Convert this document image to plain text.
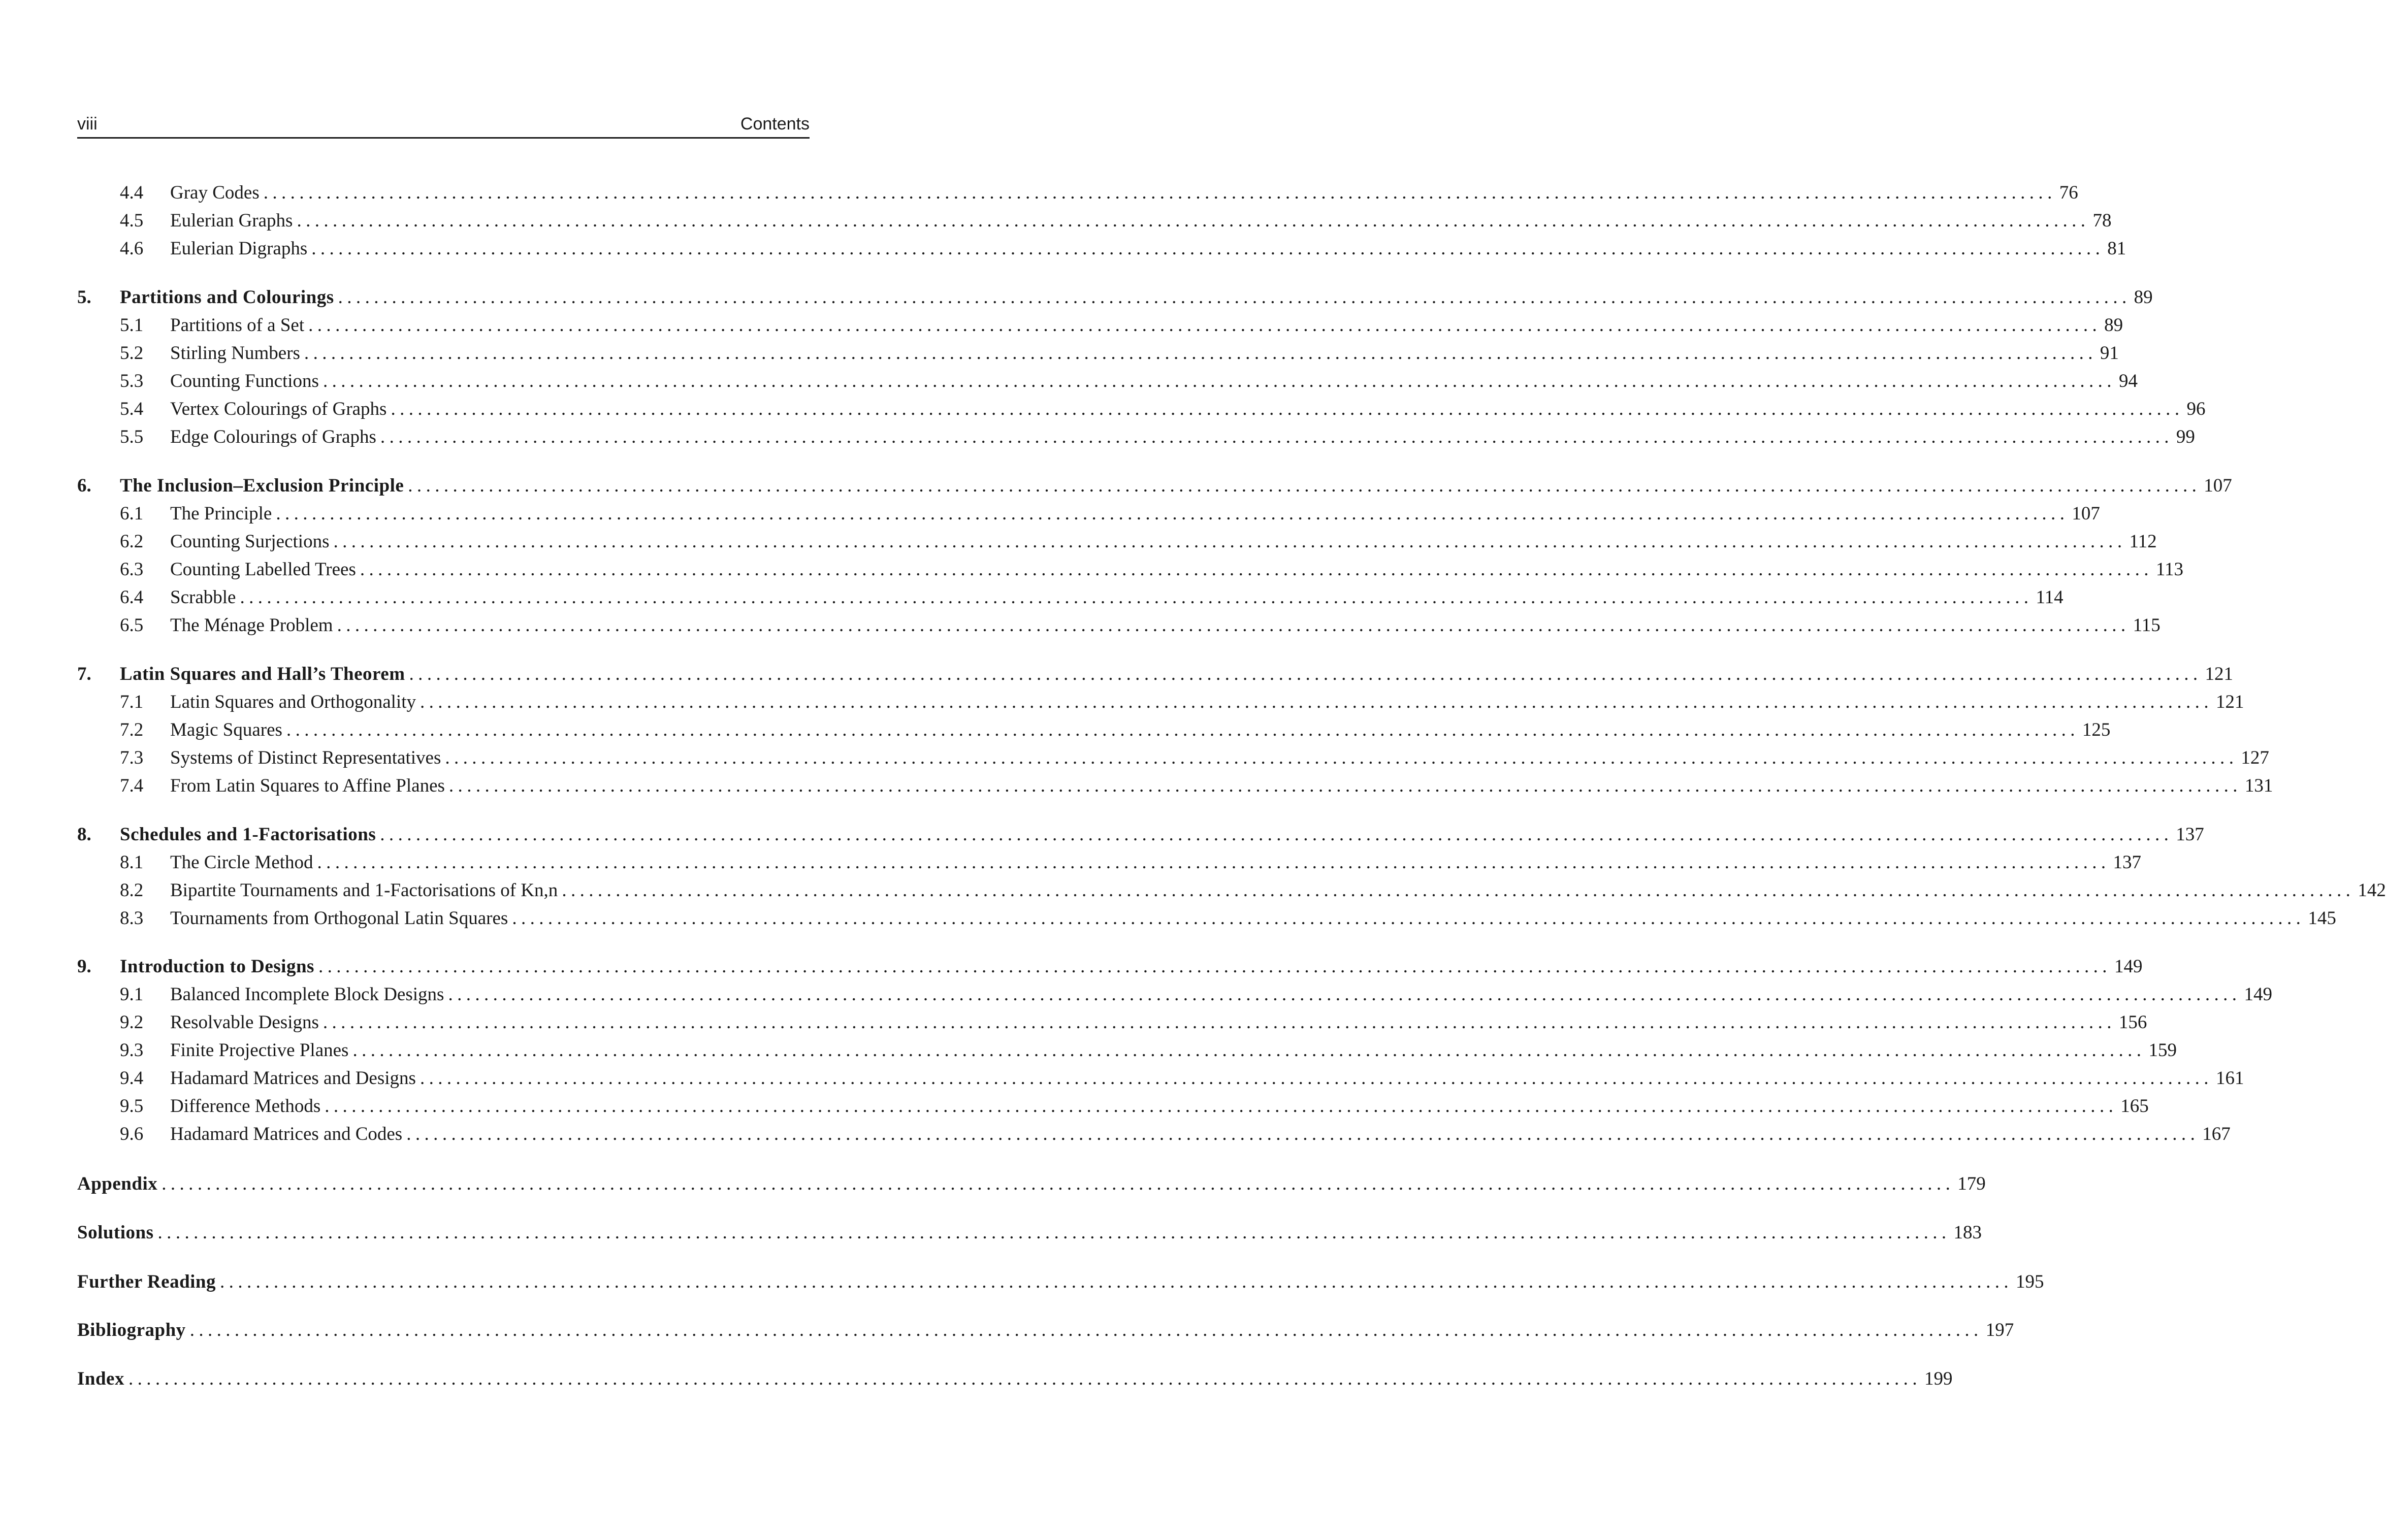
viii	Contents
4.4 Gray Codes ........................................................................................................................................................................................................ 76
4.5 Eulerian Graphs ........................................................................................................................................................................................................ 78
4.6 Eulerian Digraphs ........................................................................................................................................................................................................ 81
5. Partitions and Colourings ........................................................................................................................................................................................................ 89
5.1 Partitions of a Set ........................................................................................................................................................................................................ 89
5.2 Stirling Numbers ........................................................................................................................................................................................................ 91
5.3 Counting Functions ........................................................................................................................................................................................................ 94
5.4 Vertex Colourings of Graphs ........................................................................................................................................................................................................ 96
5.5 Edge Colourings of Graphs ........................................................................................................................................................................................................ 99
6. The Inclusion–Exclusion Principle ........................................................................................................................................................................................................ 107
6.1 The Principle ........................................................................................................................................................................................................ 107
6.2 Counting Surjections ........................................................................................................................................................................................................ 112
6.3 Counting Labelled Trees ........................................................................................................................................................................................................ 113
6.4 Scrabble ........................................................................................................................................................................................................ 114
6.5 The Ménage Problem ........................................................................................................................................................................................................ 115
7. Latin Squares and Hall’s Theorem ........................................................................................................................................................................................................ 121
7.1 Latin Squares and Orthogonality ........................................................................................................................................................................................................ 121
7.2 Magic Squares ........................................................................................................................................................................................................ 125
7.3 Systems of Distinct Representatives ........................................................................................................................................................................................................ 127
7.4 From Latin Squares to Affine Planes ........................................................................................................................................................................................................ 131
8. Schedules and 1-Factorisations ........................................................................................................................................................................................................ 137
8.1 The Circle Method ........................................................................................................................................................................................................ 137
8.2 Bipartite Tournaments and 1-Factorisations of Kn,n ........................................................................................................................................................................................................ 142
8.3 Tournaments from Orthogonal Latin Squares ........................................................................................................................................................................................................ 145
9. Introduction to Designs ........................................................................................................................................................................................................ 149
9.1 Balanced Incomplete Block Designs ........................................................................................................................................................................................................ 149
9.2 Resolvable Designs ........................................................................................................................................................................................................ 156
9.3 Finite Projective Planes ........................................................................................................................................................................................................ 159
9.4 Hadamard Matrices and Designs ........................................................................................................................................................................................................ 161
9.5 Difference Methods ........................................................................................................................................................................................................ 165
9.6 Hadamard Matrices and Codes ........................................................................................................................................................................................................ 167
Appendix ........................................................................................................................................................................................................ 179
Solutions ........................................................................................................................................................................................................ 183
Further Reading ........................................................................................................................................................................................................ 195
Bibliography ........................................................................................................................................................................................................ 197
Index ........................................................................................................................................................................................................ 199
